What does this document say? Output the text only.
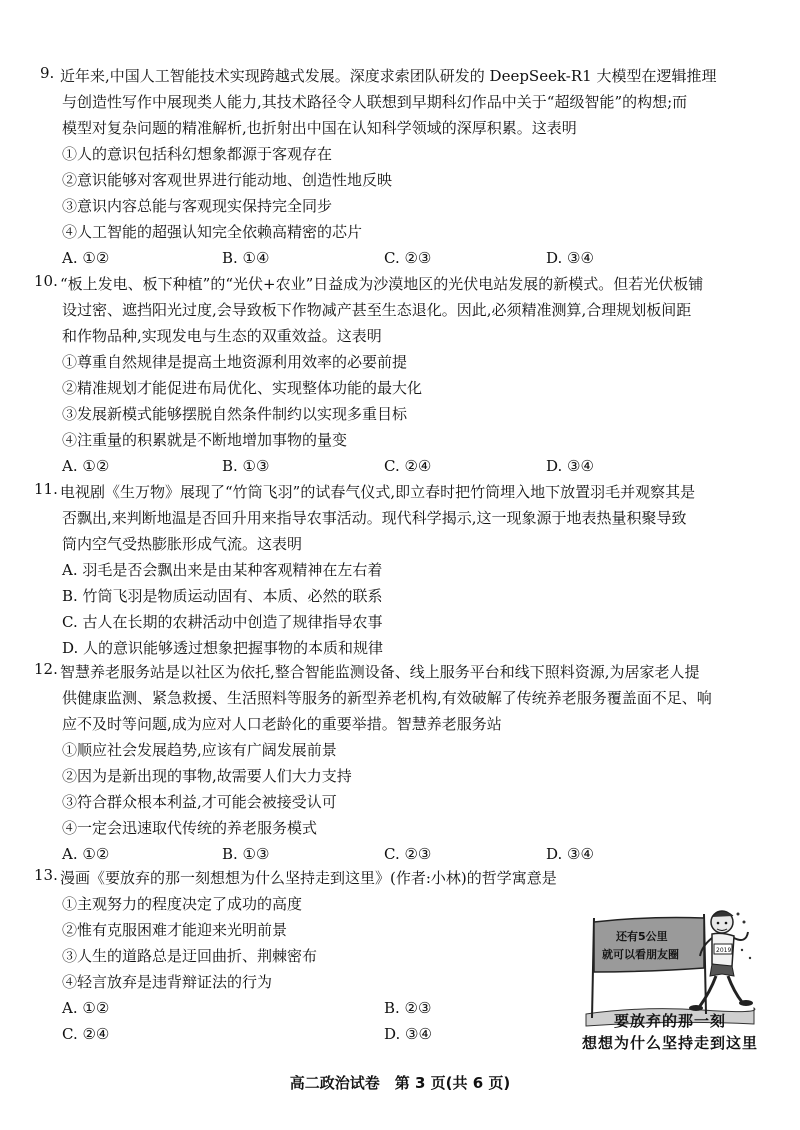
9. 近年来,中国人工智能技术实现跨越式发展。深度求索团队研发的 DeepSeek-R1 大模型在逻辑推理
与创造性写作中展现类人能力,其技术路径令人联想到早期科幻作品中关于“超级智能”的构想;而
模型对复杂问题的精准解析,也折射出中国在认知科学领域的深厚积累。这表明
①人的意识包括科幻想象都源于客观存在
②意识能够对客观世界进行能动地、创造性地反映
③意识内容总能与客观现实保持完全同步
④人工智能的超强认知完全依赖高精密的芯片
A. ①②	B. ①④	C. ②③	D. ③④
10. “板上发电、板下种植”的“光伏+农业”日益成为沙漠地区的光伏电站发展的新模式。但若光伏板铺
设过密、遮挡阳光过度,会导致板下作物减产甚至生态退化。因此,必须精准测算,合理规划板间距
和作物品种,实现发电与生态的双重效益。这表明
①尊重自然规律是提高土地资源利用效率的必要前提
②精准规划才能促进布局优化、实现整体功能的最大化
③发展新模式能够摆脱自然条件制约以实现多重目标
④注重量的积累就是不断地增加事物的量变
A. ①②	B. ①③	C. ②④	D. ③④
11. 电视剧《生万物》展现了“竹筒飞羽”的试春气仪式,即立春时把竹筒埋入地下放置羽毛并观察其是
否飘出,来判断地温是否回升用来指导农事活动。现代科学揭示,这一现象源于地表热量积聚导致
筒内空气受热膨胀形成气流。这表明
A. 羽毛是否会飘出来是由某种客观精神在左右着
B. 竹筒飞羽是物质运动固有、本质、必然的联系
C. 古人在长期的农耕活动中创造了规律指导农事
D. 人的意识能够透过想象把握事物的本质和规律
12. 智慧养老服务站是以社区为依托,整合智能监测设备、线上服务平台和线下照料资源,为居家老人提
供健康监测、紧急救援、生活照料等服务的新型养老机构,有效破解了传统养老服务覆盖面不足、响
应不及时等问题,成为应对人口老龄化的重要举措。智慧养老服务站
①顺应社会发展趋势,应该有广阔发展前景
②因为是新出现的事物,故需要人们大力支持
③符合群众根本利益,才可能会被接受认可
④一定会迅速取代传统的养老服务模式
A. ①②	B. ①③	C. ②③	D. ③④
13. 漫画《要放弃的那一刻想想为什么坚持走到这里》(作者:小林)的哲学寓意是
①主观努力的程度决定了成功的高度
②惟有克服困难才能迎来光明前景
③人生的道路总是迂回曲折、荆棘密布
④轻言放弃是违背辩证法的行为
A. ①②	B. ②③
C. ②④	D. ③④
还有5公里
就可以看朋友圈	2019
要放弃的那一刻
想想为什么坚持走到这里
高二政治试卷　第 3 页(共 6 页)
